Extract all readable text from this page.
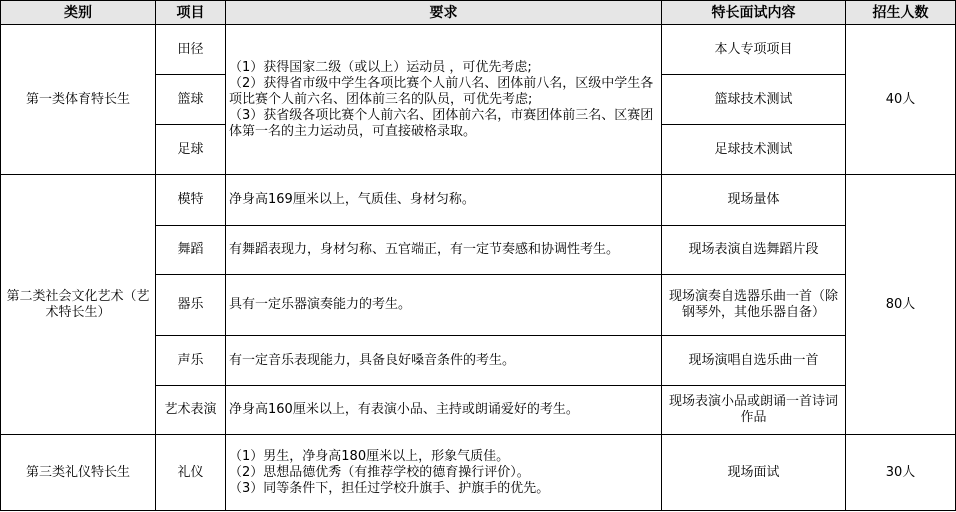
类别	项目	要求	特长面试内容	招生人数
第一类体育特长生	田径	（1）获得国家二级（或以上）运动员 ，可优先考虑;
（2）获得省市级中学生各项比赛个人前八名、团体前八名，区级中学生各项比赛个人前六名、团体前三名的队员，可优先考虑;
（3）获省级各项比赛个人前六名、团体前六名，市赛团体前三名、区赛团体第一名的主力运动员，可直接破格录取。	本人专项项目	40人
	篮球		篮球技术测试	
	足球		足球技术测试	
第二类社会文化艺术（艺术特长生）	模特	净身高169厘米以上，气质佳、身材匀称。	现场量体	80人
	舞蹈	有舞蹈表现力，身材匀称、五官端正，有一定节奏感和协调性考生。	现场表演自选舞蹈片段	
	器乐	具有一定乐器演奏能力的考生。	现场演奏自选器乐曲一首（除钢琴外，其他乐器自备）	
	声乐	有一定音乐表现能力，具备良好嗓音条件的考生。	现场演唱自选乐曲一首	
	艺术表演	净身高160厘米以上，有表演小品、主持或朗诵爱好的考生。	现场表演小品或朗诵一首诗词作品	
第三类礼仪特长生	礼仪	（1）男生，净身高180厘米以上，形象气质佳。
（2）思想品德优秀（有推荐学校的德育操行评价）。
（3）同等条件下，担任过学校升旗手、护旗手的优先。	现场面试	30人
